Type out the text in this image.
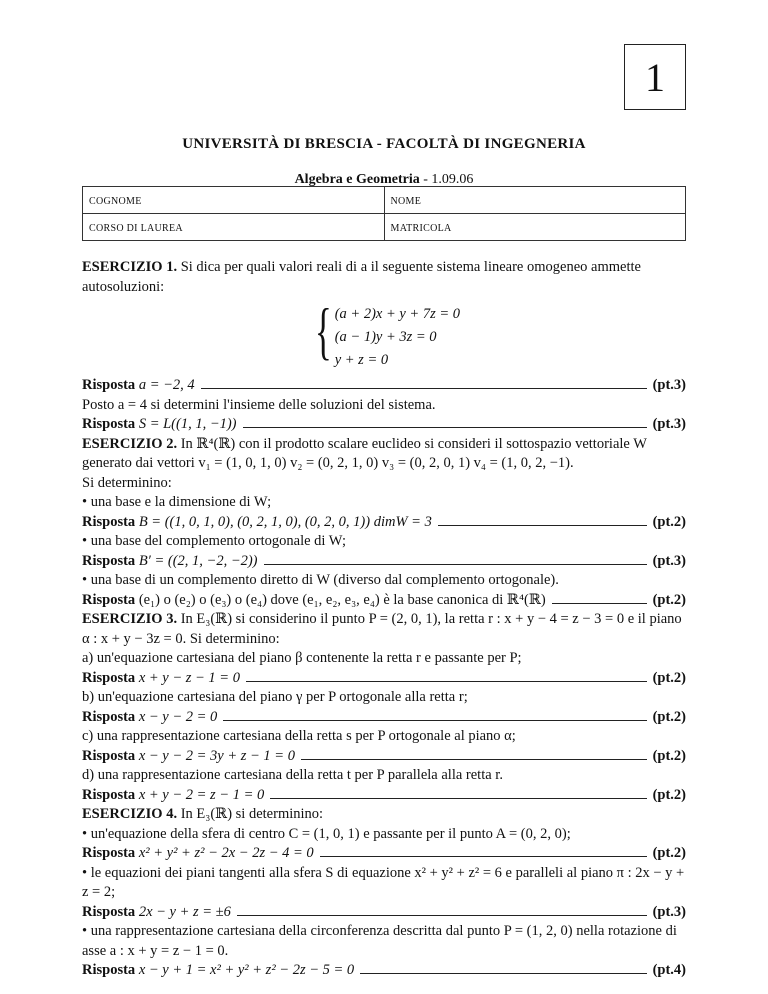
1
UNIVERSITÀ DI BRESCIA - FACOLTÀ DI INGEGNERIA
Algebra e Geometria - 1.09.06
COGNOME	NOME
CORSO DI LAUREA	MATRICOLA

ESERCIZIO 1. Si dica per quali valori reali di a il seguente sistema lineare omogeneo ammette autosoluzioni:

{ (a + 2)x + y + 7z = 0
(a − 1)y + 3z = 0
y + z = 0
Risposta
a = −2, 4	(pt.3)

Posto a = 4 si determini l'insieme delle soluzioni del sistema.

Risposta
S = L((1, 1, −1))	(pt.3)

ESERCIZIO 2. In ℝ⁴(ℝ) con il prodotto scalare euclideo si consideri il sottospazio vettoriale W generato dai vettori v₁ = (1, 0, 1, 0) v₂ = (0, 2, 1, 0) v₃ = (0, 2, 0, 1) v₄ = (1, 0, 2, −1).

Si determinino:

• una base e la dimensione di W;

Risposta
B = ((1, 0, 1, 0), (0, 2, 1, 0), (0, 2, 0, 1)) dimW = 3	(pt.2)

• una base del complemento ortogonale di W;

Risposta
B′ = ((2, 1, −2, −2))	(pt.3)

• una base di un complemento diretto di W (diverso dal complemento ortogonale).

Risposta
(e₁) o (e₂) o (e₃) o (e₄) dove (e₁, e₂, e₃, e₄) è la base canonica di ℝ⁴(ℝ)	(pt.2)

ESERCIZIO 3. In E₃(ℝ) si considerino il punto P = (2, 0, 1), la retta r : x + y − 4 = z − 3 = 0 e il piano α : x + y − 3z = 0. Si determinino:

a) un'equazione cartesiana del piano β contenente la retta r e passante per P;

Risposta
x + y − z − 1 = 0	(pt.2)

b) un'equazione cartesiana del piano γ per P ortogonale alla retta r;

Risposta
x − y − 2 = 0	(pt.2)

c) una rappresentazione cartesiana della retta s per P ortogonale al piano α;

Risposta
x − y − 2 = 3y + z − 1 = 0	(pt.2)

d) una rappresentazione cartesiana della retta t per P parallela alla retta r.

Risposta
x + y − 2 = z − 1 = 0	(pt.2)

ESERCIZIO 4. In E₃(ℝ) si determinino:

• un'equazione della sfera di centro C = (1, 0, 1) e passante per il punto A = (0, 2, 0);

Risposta
x² + y² + z² − 2x − 2z − 4 = 0	(pt.2)

• le equazioni dei piani tangenti alla sfera S di equazione x² + y² + z² = 6 e paralleli al piano π : 2x − y + z = 2;

Risposta
2x − y + z = ±6	(pt.3)

• una rappresentazione cartesiana della circonferenza descritta dal punto P = (1, 2, 0) nella rotazione di asse a : x + y = z − 1 = 0.

Risposta
x − y + 1 = x² + y² + z² − 2z − 5 = 0	(pt.4)
